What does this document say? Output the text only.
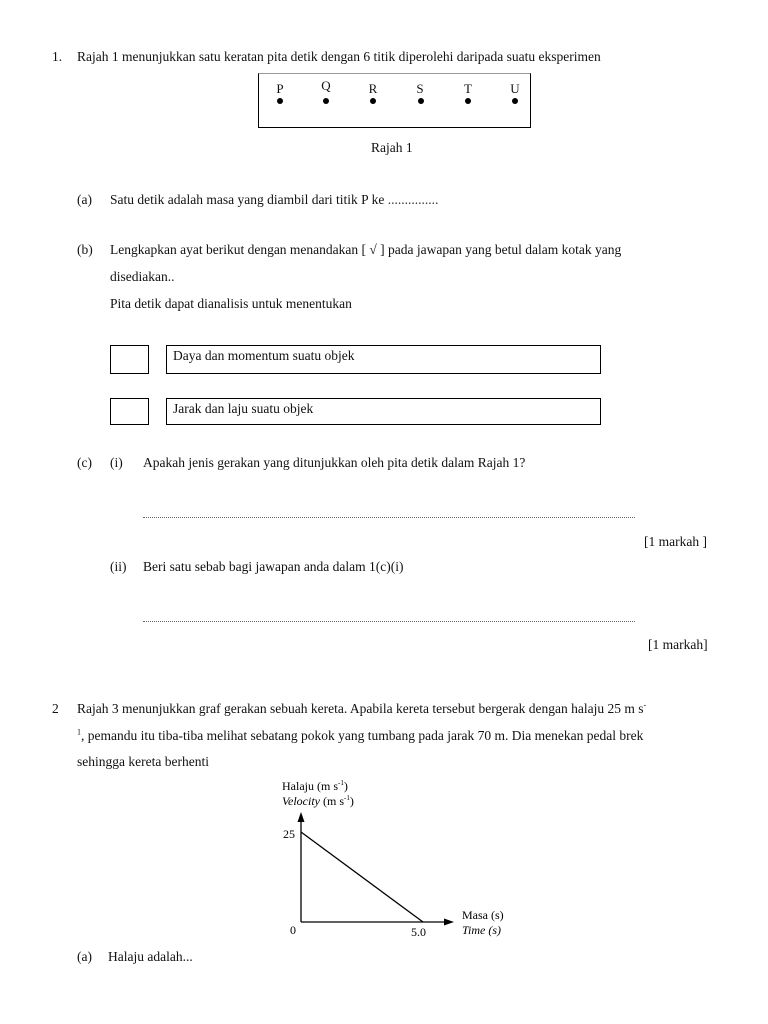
1. Rajah 1 menunjukkan satu keratan pita detik dengan 6 titik diperolehi daripada suatu eksperimen
P	Q	R	S	T	U
Rajah 1
(a) Satu detik adalah masa yang diambil dari titik P ke ...............
(b) Lengkapkan ayat berikut dengan menandakan [ √ ] pada jawapan yang betul dalam kotak yang
disediakan..
Pita detik dapat dianalisis untuk menentukan
Daya dan momentum suatu objek
Jarak dan laju suatu objek
(c) (i) Apakah jenis gerakan yang ditunjukkan oleh pita detik dalam Rajah 1?
[1 markah ]
(ii) Beri satu sebab bagi jawapan anda dalam 1(c)(i)
[1 markah]
2 Rajah 3 menunjukkan graf gerakan sebuah kereta. Apabila kereta tersebut bergerak dengan halaju 25 m s-
$^1$, pemandu itu tiba-tiba melihat sebatang pokok yang tumbang pada jarak 70 m. Dia menekan pedal brek
sehingga kereta berhenti
Halaju (m $s^{-1}$)
Velocity (m $s^{-1}$)
25
0	5.0
Masa (s)
Time (s)
(a) Halaju adalah...
